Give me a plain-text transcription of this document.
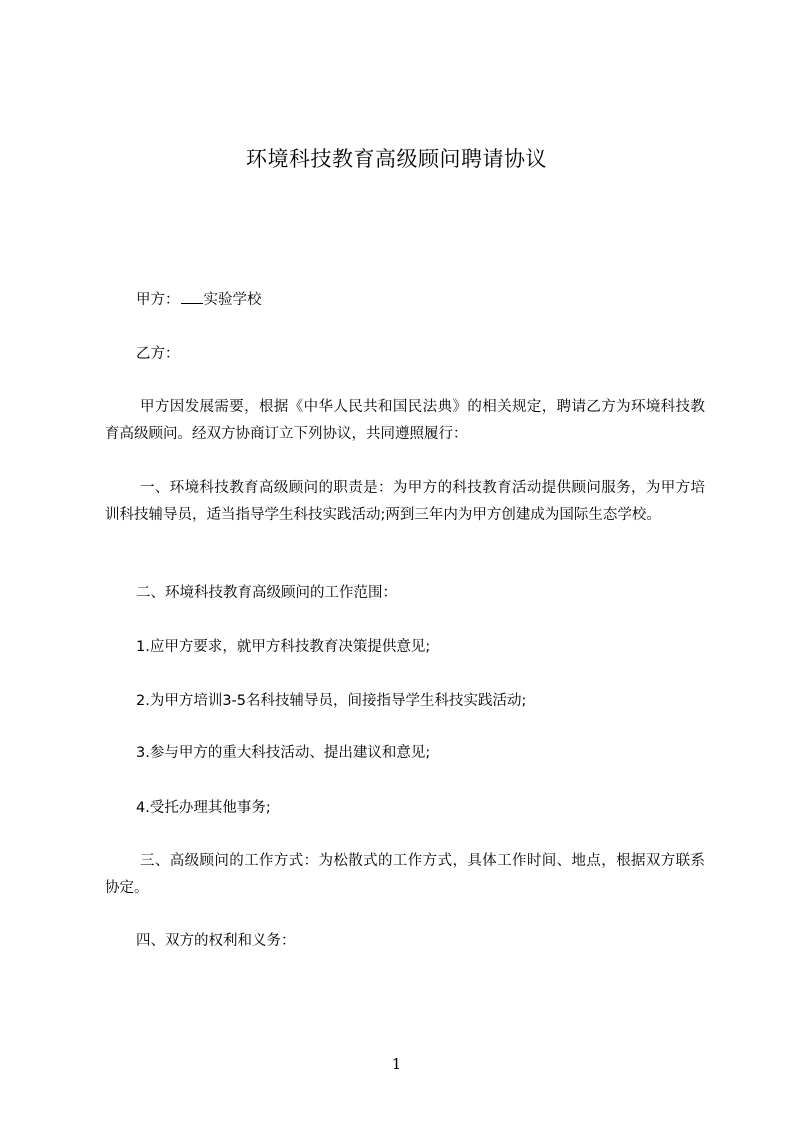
环境科技教育高级顾问聘请协议
甲方： 实验学校
乙方：
甲方因发展需要，根据《中华人民共和国民法典》的相关规定，聘请乙方为环境科技教育高级顾问。经双方协商订立下列协议，共同遵照履行：
一、环境科技教育高级顾问的职责是：为甲方的科技教育活动提供顾问服务，为甲方培训科技辅导员，适当指导学生科技实践活动;两到三年内为甲方创建成为国际生态学校。
二、环境科技教育高级顾问的工作范围：
1.应甲方要求，就甲方科技教育决策提供意见;
2.为甲方培训3-5名科技辅导员，间接指导学生科技实践活动;
3.参与甲方的重大科技活动、提出建议和意见;
4.受托办理其他事务;
三、高级顾问的工作方式：为松散式的工作方式，具体工作时间、地点，根据双方联系协定。
四、双方的权利和义务：
1
